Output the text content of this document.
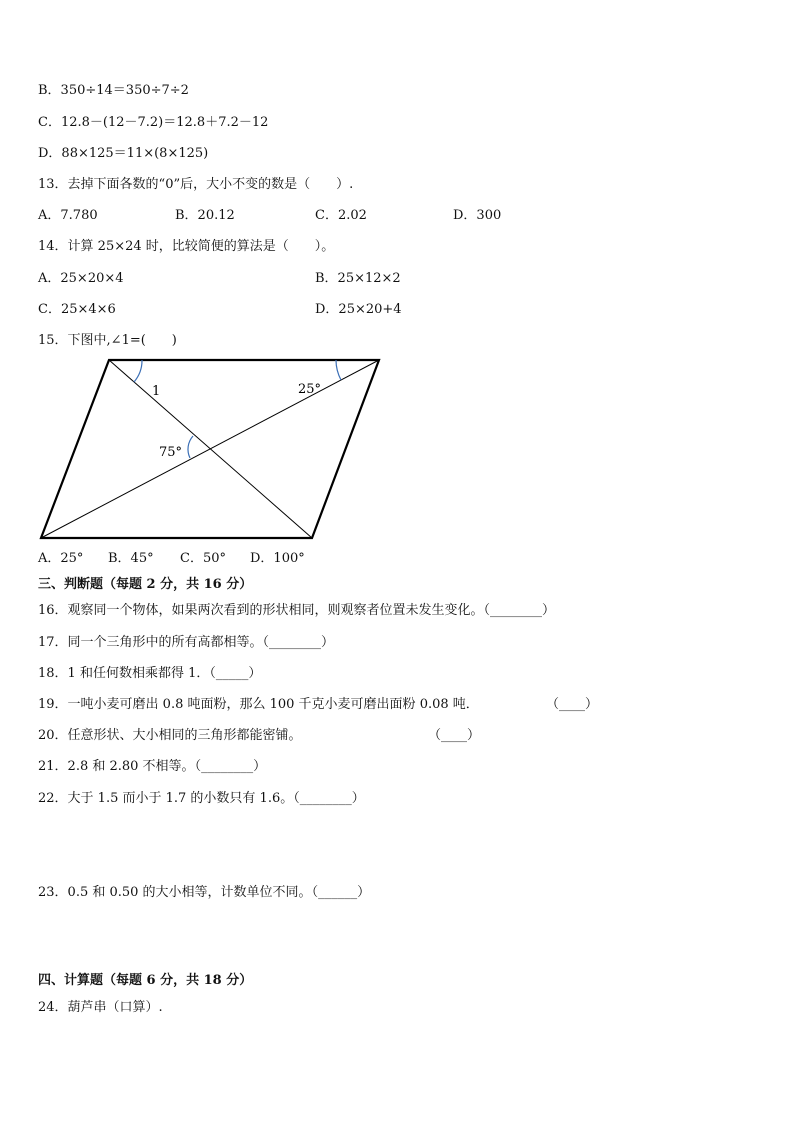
B．350÷14＝350÷7÷2
C．12.8－(12－7.2)＝12.8＋7.2－12
D．88×125＝11×(8×125)
13．去掉下面各数的“0”后，大小不变的数是（　　）.
A．7.780	B．20.12	C．2.02	D．300
14．计算 25×24 时，比较简便的算法是（　　）。
A．25×20×4	B．25×12×2
C．25×4×6	D．25×20+4
15．下图中,∠1=(　　)
1	25°
75°
A．25° B．45° C．50° D．100°
三、判断题（每题 2 分，共 16 分）
16．观察同一个物体，如果两次看到的形状相同，则观察者位置未发生变化。（________）
17．同一个三角形中的所有高都相等。（________）
18．1 和任何数相乘都得 1．（_____）
19．一吨小麦可磨出 0.8 吨面粉，那么 100 千克小麦可磨出面粉 0.08 吨．	（____）
20．任意形状、大小相同的三角形都能密铺。	（____）
21．2.8 和 2.80 不相等。（________）
22．大于 1.5 而小于 1.7 的小数只有 1.6。（________）
23．0.5 和 0.50 的大小相等，计数单位不同。（______）
四、计算题（每题 6 分，共 18 分）
24．葫芦串（口算）.
